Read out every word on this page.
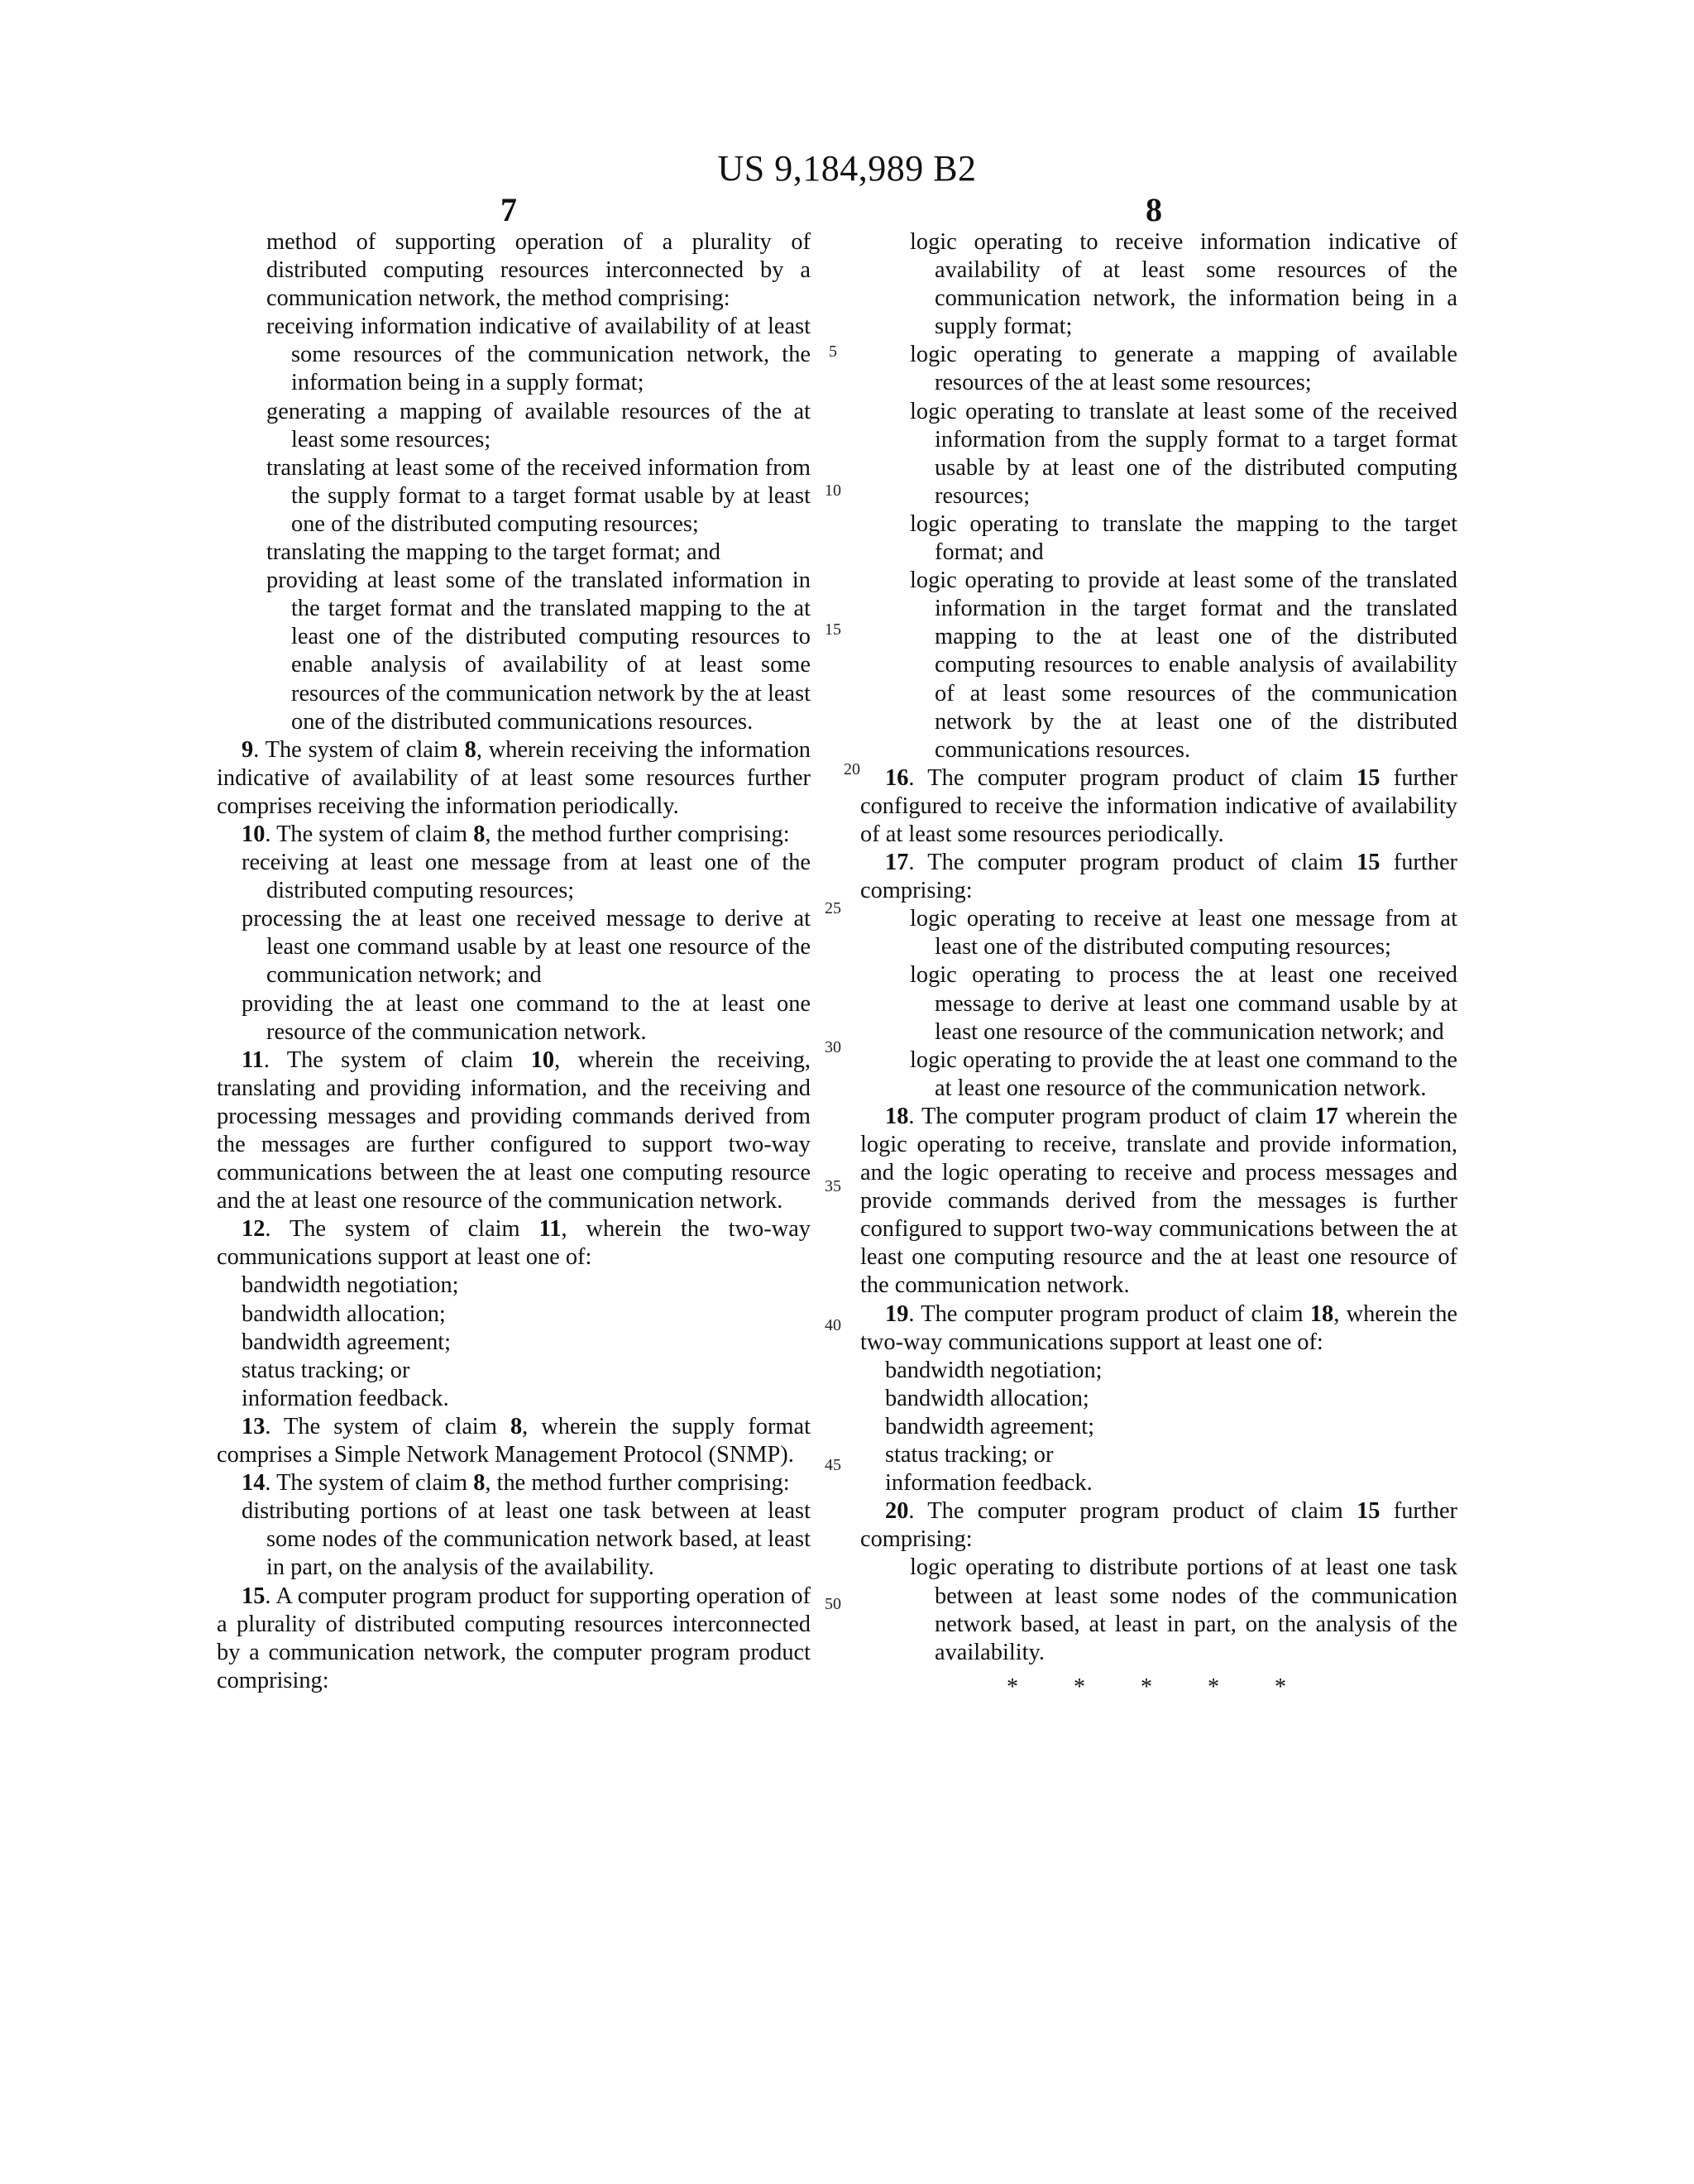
US 9,184,989 B2
7	8
5
10
15
20
25
30
35
40
45
50

method of supporting operation of a plurality of distributed computing resources interconnected by a communication network, the method comprising:

receiving information indicative of availability of at least some resources of the communication network, the information being in a supply format;

generating a mapping of available resources of the at least some resources;

translating at least some of the received information from the supply format to a target format usable by at least one of the distributed computing resources;

translating the mapping to the target format; and

providing at least some of the translated information in the target format and the translated mapping to the at least one of the distributed computing resources to enable analysis of availability of at least some resources of the communication network by the at least one of the distributed communications resources.

9. The system of claim 8, wherein receiving the information indicative of availability of at least some resources further comprises receiving the information periodically.

10. The system of claim 8, the method further comprising:

receiving at least one message from at least one of the distributed computing resources;

processing the at least one received message to derive at least one command usable by at least one resource of the communication network; and

providing the at least one command to the at least one resource of the communication network.

11. The system of claim 10, wherein the receiving, translating and providing information, and the receiving and processing messages and providing commands derived from the messages are further configured to support two-way communications between the at least one computing resource and the at least one resource of the communication network.

12. The system of claim 11, wherein the two-way communications support at least one of:

bandwidth negotiation;

bandwidth allocation;

bandwidth agreement;

status tracking; or

information feedback.

13. The system of claim 8, wherein the supply format comprises a Simple Network Management Protocol (SNMP).

14. The system of claim 8, the method further comprising:

distributing portions of at least one task between at least some nodes of the communication network based, at least in part, on the analysis of the availability.

15. A computer program product for supporting operation of a plurality of distributed computing resources interconnected by a communication network, the computer program product comprising:

logic operating to receive information indicative of availability of at least some resources of the communication network, the information being in a supply format;

logic operating to generate a mapping of available resources of the at least some resources;

logic operating to translate at least some of the received information from the supply format to a target format usable by at least one of the distributed computing resources;

logic operating to translate the mapping to the target format; and

logic operating to provide at least some of the translated information in the target format and the translated mapping to the at least one of the distributed computing resources to enable analysis of availability of at least some resources of the communication network by the at least one of the distributed communications resources.

16. The computer program product of claim 15 further configured to receive the information indicative of availability of at least some resources periodically.

17. The computer program product of claim 15 further comprising:

logic operating to receive at least one message from at least one of the distributed computing resources;

logic operating to process the at least one received message to derive at least one command usable by at least one resource of the communication network; and

logic operating to provide the at least one command to the at least one resource of the communication network.

18. The computer program product of claim 17 wherein the logic operating to receive, translate and provide information, and the logic operating to receive and process messages and provide commands derived from the messages is further configured to support two-way communications between the at least one computing resource and the at least one resource of the communication network.

19. The computer program product of claim 18, wherein the two-way communications support at least one of:

bandwidth negotiation;

bandwidth allocation;

bandwidth agreement;

status tracking; or

information feedback.

20. The computer program product of claim 15 further comprising:

logic operating to distribute portions of at least one task between at least some nodes of the communication network based, at least in part, on the analysis of the availability.

* * * * *
